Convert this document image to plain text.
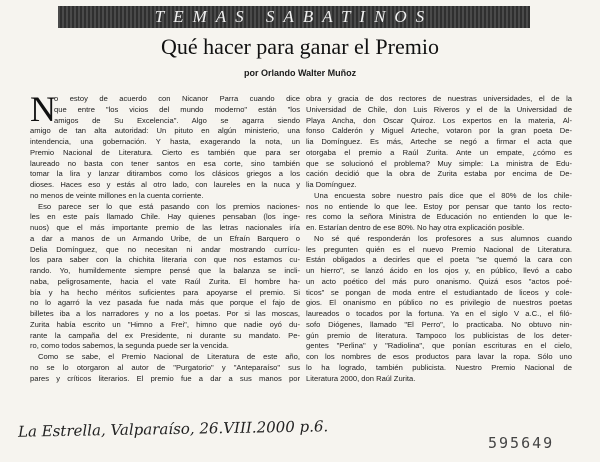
TEMAS SABATINOS
Qué hacer para ganar el Premio
por Orlando Walter Muñoz
N
o estoy de acuerdo con Nicanor Parra cuando dice
que entre "los vicios del mundo moderno" están "los
amigos de Su Excelencia". Algo se agarra siendo
amigo de tan alta autoridad: Un pituto en algún ministerio, una
intendencia, una gobernación. Y hasta, exagerando la nota, un
Premio Nacional de Literatura. Cierto es también que para ser
laureado no basta con tener santos en esa corte, sino también
tomar la lira y lanzar ditirambos como los clásicos griegos a los
dioses. Haces eso y estás al otro lado, con laureles en la nuca y
no menos de veinte millones en la cuenta corriente.
Eso parece ser lo que está pasando con los premios naciones-
les en este país llamado Chile. Hay quienes pensaban (los inge-
nuos) que el más importante premio de las letras nacionales iría
a dar a manos de un Armando Uribe, de un Efraín Barquero o
Delia Domínguez, que no necesitan ni andar mostrando currícu-
los para saber con la chichita literaria con que nos estamos cu-
rando. Yo, humildemente siempre pensé que la balanza se incli-
naba, peligrosamente, hacia el vate Raúl Zurita. El hombre ha-
bía y ha hecho méritos suficientes para apoyarse el premio. Si
no lo agarró la vez pasada fue nada más que porque el fajo de
billetes iba a los narradores y no a los poetas. Por si las moscas,
Zurita había escrito un "Himno a Frei", himno que nadie oyó du-
rante la campaña del ex Presidente, ni durante su mandato. Pe-
ro, como todos sabemos, la segunda puede ser la vencida.
Como se sabe, el Premio Nacional de Literatura de este año,
no se lo otorgaron al autor de "Purgatorio" y "Anteparaíso" sus
pares y críticos literarios. El premio fue a dar a sus manos por
obra y gracia de dos rectores de nuestras universidades, el de la
Universidad de Chile, don Luis Riveros y el de la Universidad de
Playa Ancha, don Oscar Quiroz. Los expertos en la materia, Al-
fonso Calderón y Miguel Arteche, votaron por la gran poeta De-
lia Domínguez. Es más, Arteche se negó a firmar el acta que
otorgaba el premio a Raúl Zurita. Ante un empate, ¿cómo es
que se solucionó el problema? Muy simple: La ministra de Edu-
cación decidió que la obra de Zurita estaba por encima de De-
lia Domínguez.
Una encuesta sobre nuestro país dice que el 80% de los chile-
nos no entiende lo que lee. Estoy por pensar que tanto los recto-
res como la señora Ministra de Educación no entienden lo que le-
en. Estarían dentro de ese 80%. No hay otra explicación posible.
No sé qué responderán los profesores a sus alumnos cuando
les pregunten quién es el nuevo Premio Nacional de Literatura.
Están obligados a decirles que el poeta "se quemó la cara con
un hierro", se lanzó ácido en los ojos y, en público, llevó a cabo
un acto poético del más puro onanismo. Quizá esos "actos poé-
ticos" se pongan de moda entre el estudiantado de liceos y cole-
gios. El onanismo en público no es privilegio de nuestros poetas
laureados o tocados por la fortuna. Ya en el siglo V a.C., el filó-
sofo Diógenes, llamado "El Perro", lo practicaba. No obtuvo nin-
gún premio de literatura. Tampoco los publicistas de los deter-
gentes "Perlina" y "Radiolina", que ponían escrituras en el cielo,
con los nombres de esos productos para lavar la ropa. Sólo uno
lo ha logrado, también publicista. Nuestro Premio Nacional de
Literatura 2000, don Raúl Zurita.
La Estrella, Valparaíso, 26.VIII.2000 p.6.
595649
